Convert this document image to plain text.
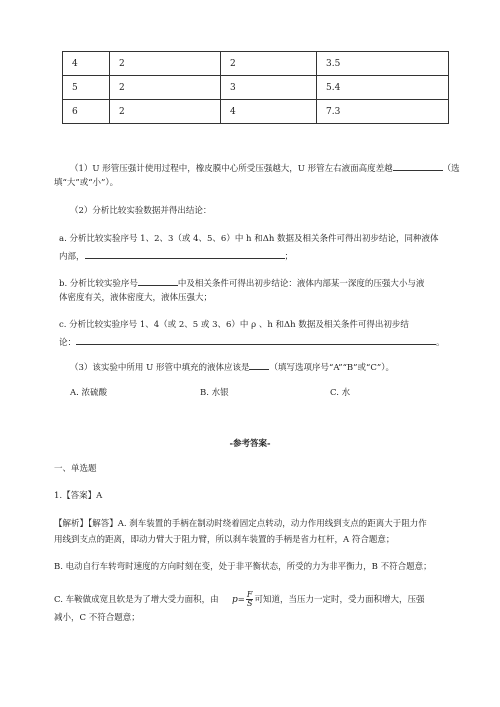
4	2	2	3.5
5	2	3	5.4
6	2	4	7.3
（1）U 形管压强计使用过程中，橡皮膜中心所受压强越大，U 形管左右液面高度差越	（选
填“大”或“小”）。
（2）分析比较实验数据并得出结论：
a. 分析比较实验序号 1、2、3（或 4、5、6）中 h 和Δh 数据及相关条件可得出初步结论，同种液体
内部，	；
b. 分析比较实验序号	中及相关条件可得出初步结论：液体内部某一深度的压强大小与液
体密度有关，液体密度大，液体压强大；
c. 分析比较实验序号 1、4（或 2、5 或 3、6）中 ρ 、h 和Δh 数据及相关条件可得出初步结
论：	。
（3）该实验中所用 U 形管中填充的液体应该是 （填写选项序号“A”“B”或“C”）。
A. 浓硫酸	B. 水银	C. 水
-参考答案-
一、单选题
1.【答案】A
【解析】【解答】A. 刹车装置的手柄在制动时绕着固定点转动，动力作用线到支点的距离大于阻力作
用线到支点的距离，即动力臂大于阻力臂，所以刹车装置的手柄是省力杠杆，A 符合题意；
B. 电动自行车转弯时速度的方向时刻在变，处于非平衡状态，所受的力为非平衡力，B 不符合题意；
C. 车鞍做成宽且软是为了增大受力面积，由 $p= \frac{F}{S}$ 可知道，当压力一定时，受力面积增大，压强
减小，C 不符合题意；
